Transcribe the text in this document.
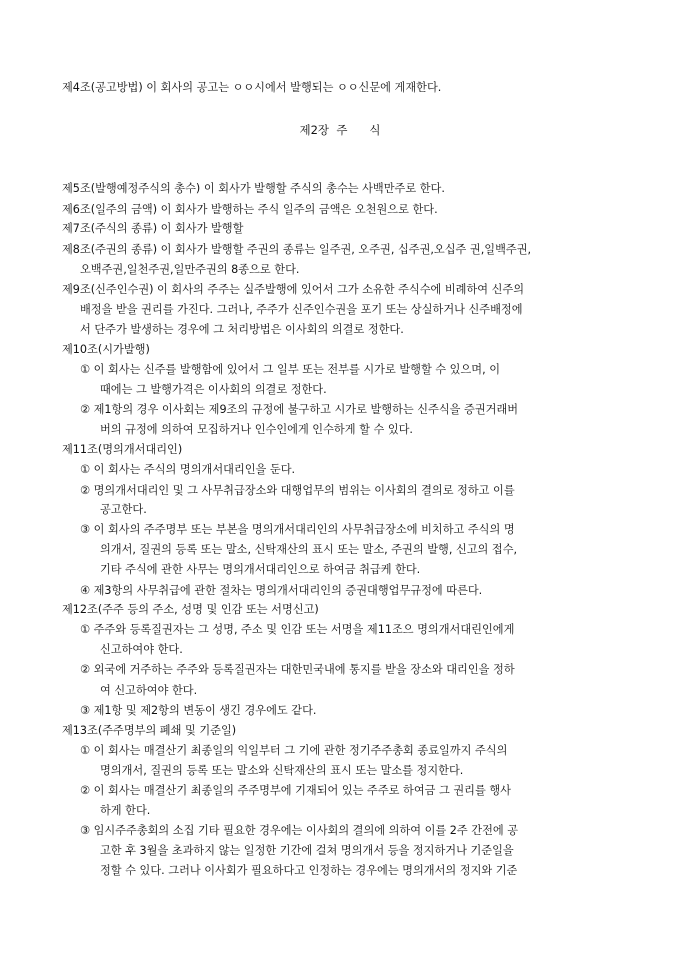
제4조(공고방법) 이 회사의 공고는 ㅇㅇ시에서 발행되는 ㅇㅇ신문에 게재한다.
제2장  주      식
제5조(발행예정주식의 총수) 이 회사가 발행할 주식의 총수는 사백만주로 한다.
제6조(일주의 금액) 이 회사가 발행하는 주식 일주의 금액은 오천원으로 한다.
제7조(주식의 종류) 이 회사가 발행할
제8조(주권의 종류) 이 회사가 발행할 주권의 종류는 일주권, 오주권, 십주권,오십주 권,일백주권,
오백주권,일천주권,일만주권의 8종으로 한다.
제9조(신주인수권) 이 회사의 주주는 실주발행에 있어서 그가 소유한 주식수에 비례하여 신주의
배정을 받을 권리를 가진다. 그러나, 주주가 신주인수권을 포기 또는 상실하거나 신주배정에
서 단주가 발생하는 경우에 그 처리방법은 이사회의 의결로 정한다.
제10조(시가발행)
① 이 회사는 신주를 발행함에 있어서 그 일부 또는 전부를 시가로 발행할 수 있으며, 이
때에는 그 발행가격은 이사회의 의결로 정한다.
② 제1항의 경우 이사회는 제9조의 규정에 불구하고 시가로 발행하는 신주식을 증권거래버
버의 규정에 의하여 모집하거나 인수인에게 인수하게 할 수 있다.
제11조(명의개서대리인)
① 이 회사는 주식의 명의개서대리인을 둔다.
② 명의개서대리인 및 그 사무취급장소와 대행업무의 범위는 이사회의 결의로 정하고 이를
공고한다.
③ 이 회사의 주주명부 또는 부본을 명의개서대리인의 사무취급장소에 비치하고 주식의 명
의개서, 질권의 등록 또는 말소, 신탁재산의 표시 또는 말소, 주권의 발행, 신고의 접수,
기타 주식에 관한 사무는 명의개서대리인으로 하여금 취급케 한다.
④ 제3항의 사무취급에 관한 절차는 명의개서대리인의 증권대행업무규정에 따른다.
제12조(주주 등의 주소, 성명 및 인감 또는 서명신고)
① 주주와 등록질권자는 그 성명, 주소 및 인감 또는 서명을 제11조으 명의개서대린인에게
신고하여야 한다.
② 외국에 거주하는 주주와 등록질권자는 대한민국내에 통지를 받을 장소와 대리인을 정하
여 신고하여야 한다.
③ 제1항 및 제2항의 변동이 생긴 경우에도 같다.
제13조(주주명부의 폐쇄 및 기준일)
① 이 회사는 매결산기 최종일의 익일부터 그 기에 관한 정기주주총회 종료일까지 주식의
명의개서, 질권의 등록 또는 말소와 신탁재산의 표시 또는 말소를 정지한다.
② 이 회사는 매결산기 최종일의 주주명부에 기재되어 있는 주주로 하여금 그 권리를 행사
하게 한다.
③ 임시주주총회의 소집 기타 필요한 경우에는 이사회의 결의에 의하여 이를 2주 간전에 공
고한 후 3월을 초과하지 않는 일정한 기간에 걸쳐 명의개서 등을 정지하거나 기준일을
정할 수 있다. 그러나 이사회가 필요하다고 인정하는 경우에는 명의개서의 정지와 기준
